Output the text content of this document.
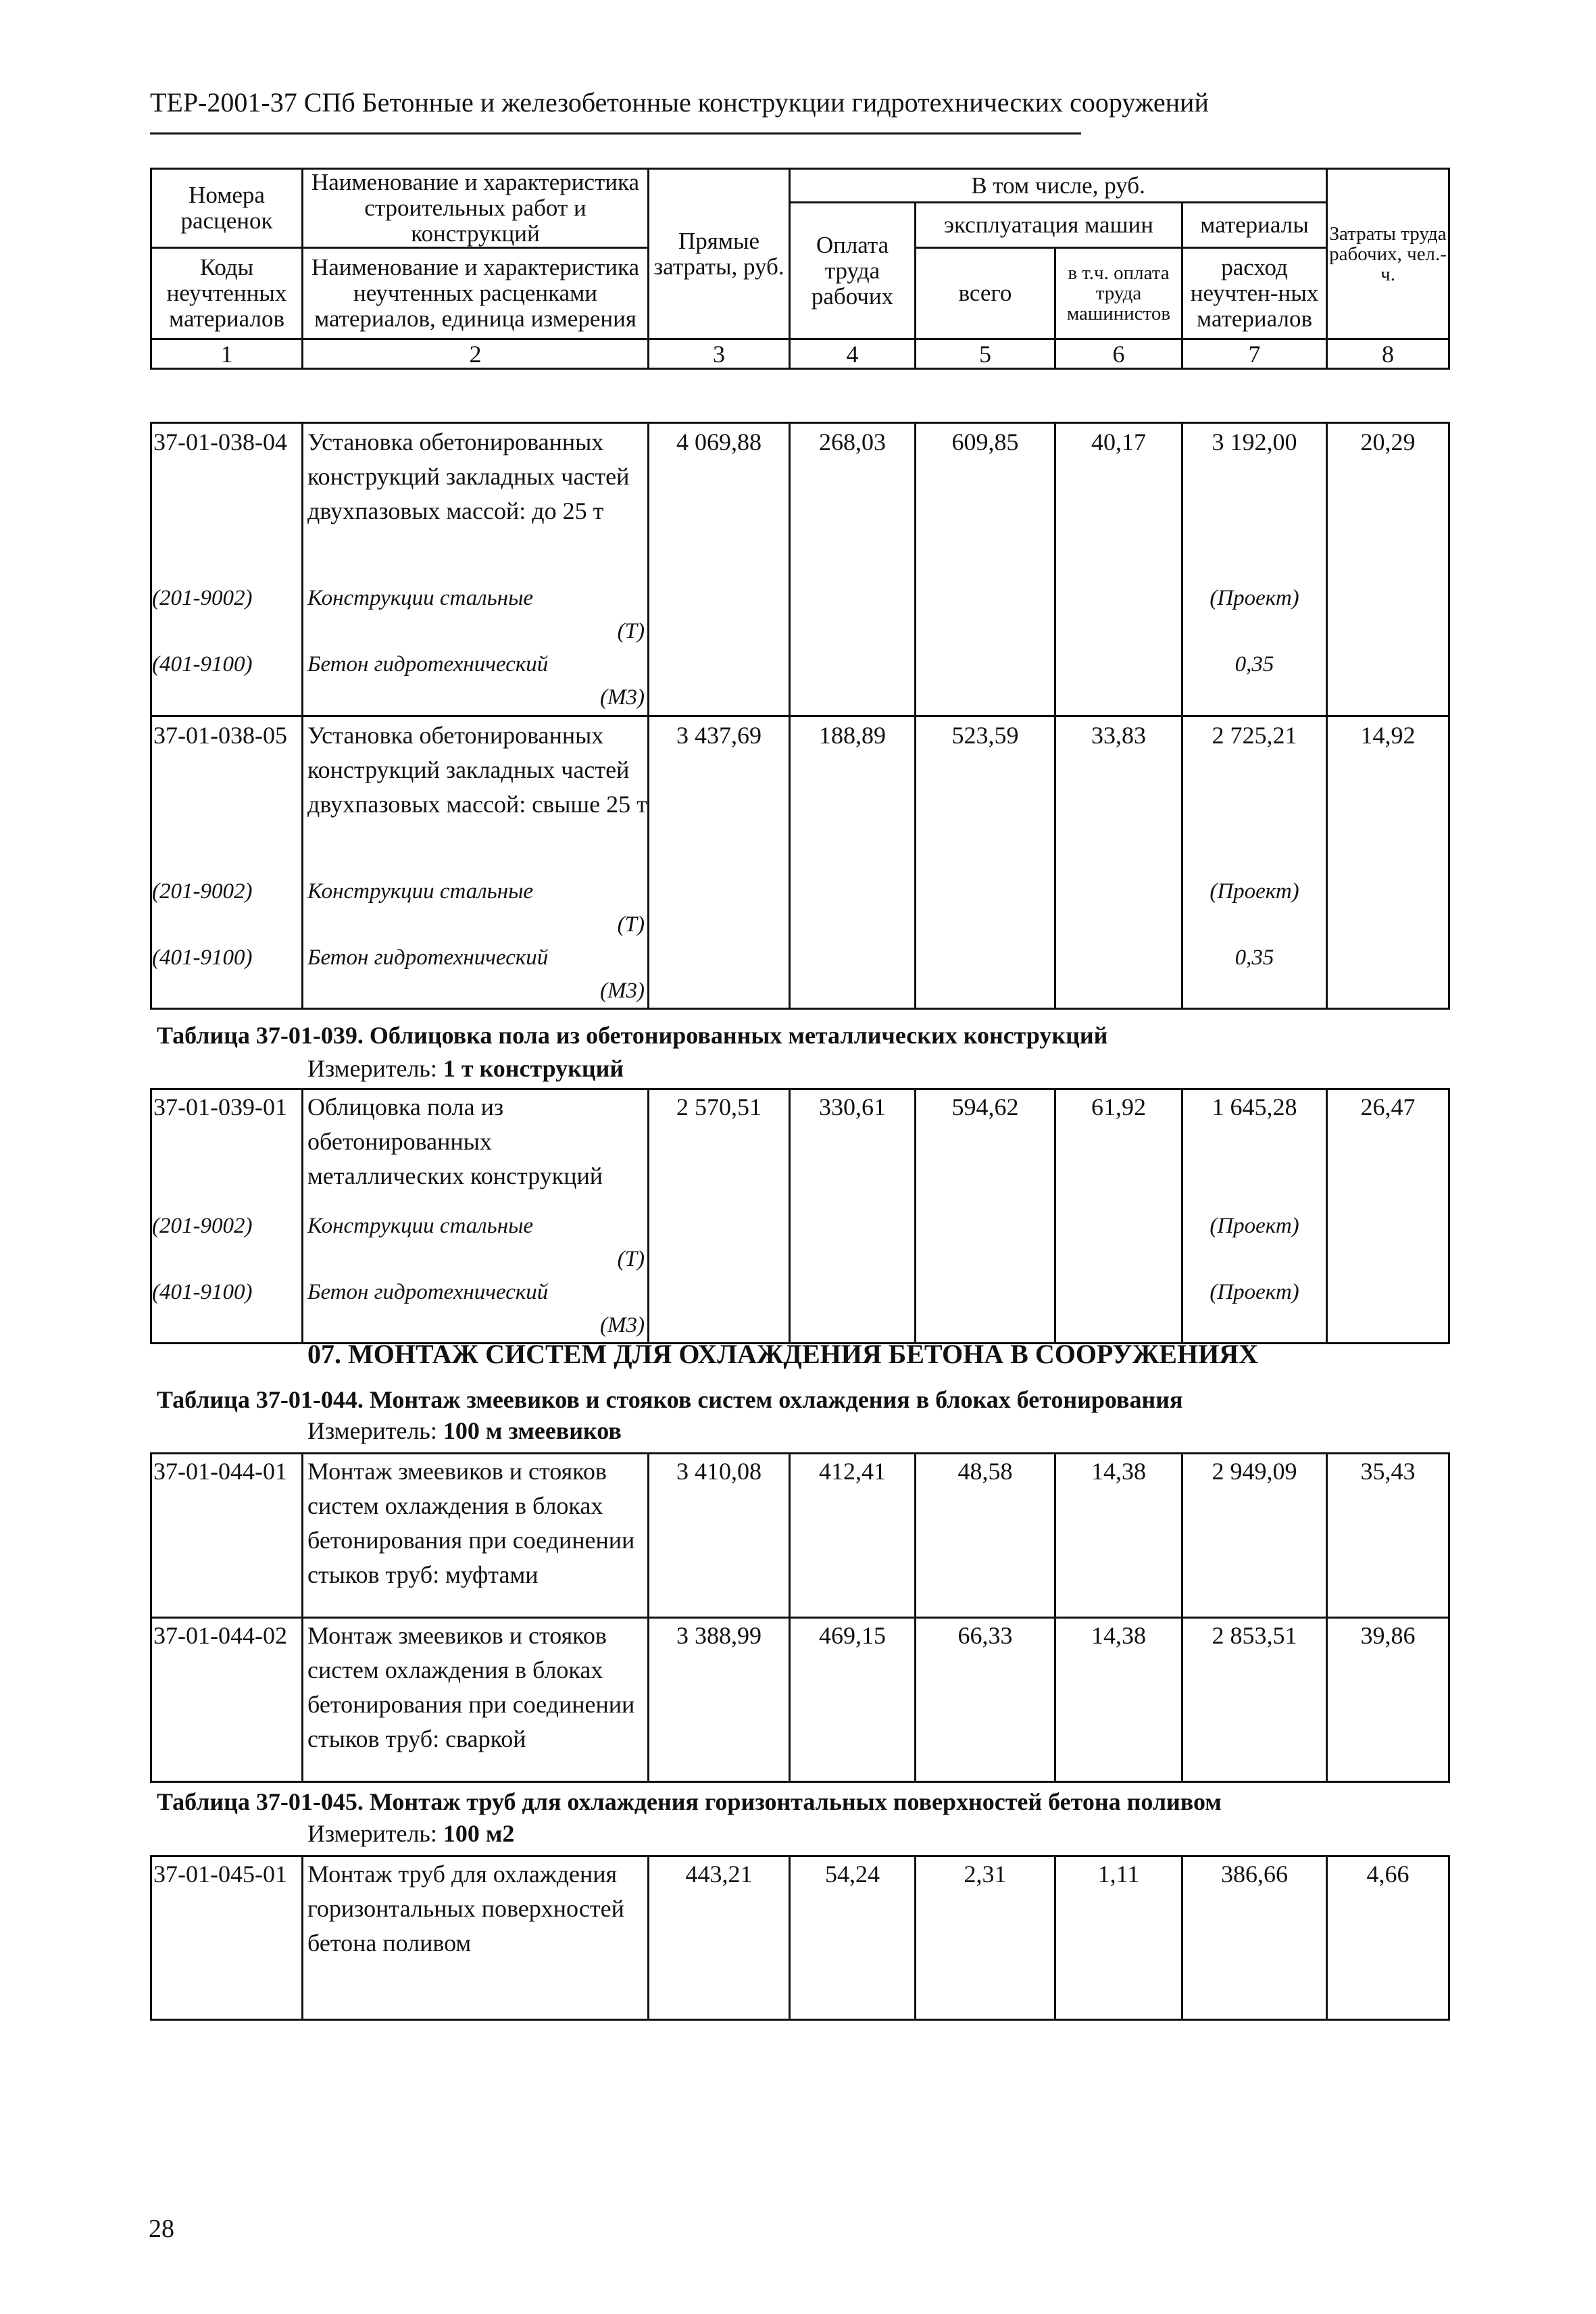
ТЕР-2001-37 СПб Бетонные и железобетонные конструкции гидротехнических сооружений
Номера расценок	Наименование и характеристика строительных работ и конструкций	Прямые затраты, руб.	В том числе, руб.				Затраты труда рабочих, чел.-ч.
			Оплата труда рабочих	эксплуатация машин		материалы	
Коды неучтенных материалов	Наименование и характеристика неучтенных расценками материалов, единица измерения			всего	в т.ч. оплата труда машинистов	расход неучтен-ных материалов	

1	2	3	4	5	6	7	8
37-01-038-04	Установка обетонированных конструкций закладных частей двухпазовых массой: до 25 т	4 069,88	268,03	609,85	40,17	3 192,00	20,29
(201-9002)	Конструкции стальные					(Проект)	
	(Т)						
(401-9100)	Бетон гидротехнический					0,35	
	(М3)						
37-01-038-05	Установка обетонированных конструкций закладных частей двухпазовых массой: свыше 25 т	3 437,69	188,89	523,59	33,83	2 725,21	14,92
(201-9002)	Конструкции стальные					(Проект)	
	(Т)						
(401-9100)	Бетон гидротехнический					0,35	
	(М3)						
Таблица 37-01-039. Облицовка пола из обетонированных металлических конструкций
Измеритель: 1 т конструкций
37-01-039-01	Облицовка пола из обетонированных металлических конструкций	2 570,51	330,61	594,62	61,92	1 645,28	26,47
(201-9002)	Конструкции стальные					(Проект)	
	(Т)						
(401-9100)	Бетон гидротехнический					(Проект)	
	(М3)						
07. МОНТАЖ СИСТЕМ ДЛЯ ОХЛАЖДЕНИЯ БЕТОНА В СООРУЖЕНИЯХ
Таблица 37-01-044. Монтаж змеевиков и стояков систем охлаждения в блоках бетонирования
Измеритель: 100 м змеевиков
37-01-044-01	Монтаж змеевиков и стояков систем охлаждения в блоках бетонирования при соединении стыков труб: муфтами	3 410,08	412,41	48,58	14,38	2 949,09	35,43
37-01-044-02	Монтаж змеевиков и стояков систем охлаждения в блоках бетонирования при соединении стыков труб: сваркой	3 388,99	469,15	66,33	14,38	2 853,51	39,86
Таблица 37-01-045. Монтаж труб для охлаждения горизонтальных поверхностей бетона поливом
Измеритель: 100 м2
37-01-045-01	Монтаж труб для охлаждения горизонтальных поверхностей бетона поливом	443,21	54,24	2,31	1,11	386,66	4,66
28
